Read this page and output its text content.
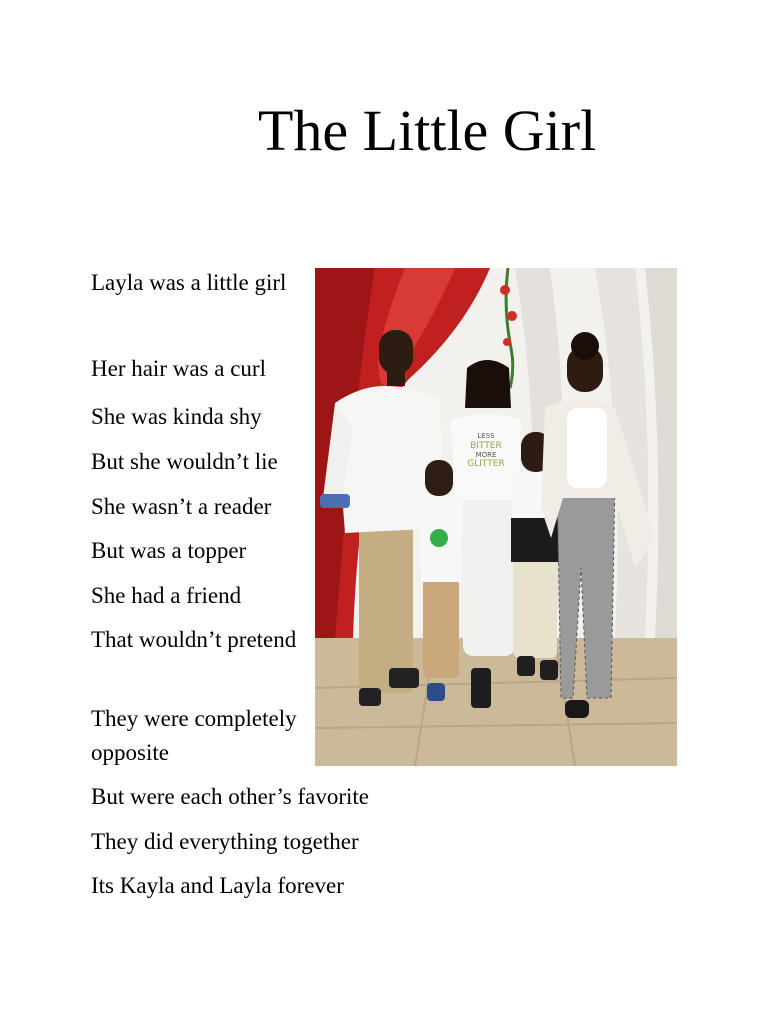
The Little Girl
Layla was a little girl
Her hair was a curl
She was kinda shy
But she wouldn’t lie
She wasn’t a reader
But was a topper
She had a friend
That wouldn’t pretend
They were completely opposite
But were each other’s favorite
They did everything together
Its Kayla and Layla forever
LESS
BITTER
MORE
GLITTER
